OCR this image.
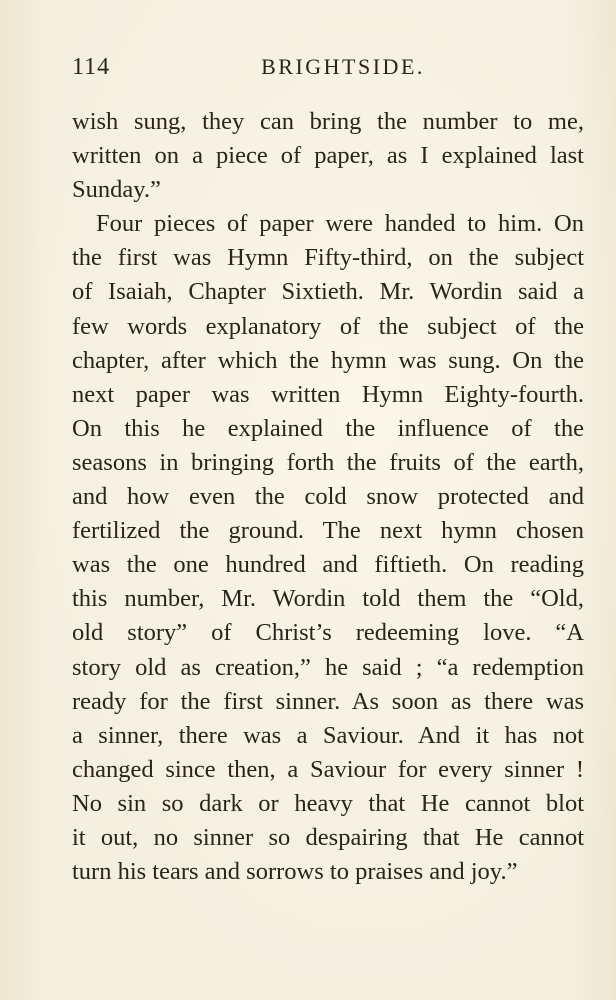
114	BRIGHTSIDE.
wish sung, they can bring the number to me,
written on a piece of paper, as I explained last
Sunday.”
Four pieces of paper were handed to him. On
the first was Hymn Fifty-third, on the subject
of Isaiah, Chapter Sixtieth. Mr. Wordin said a
few words explanatory of the subject of the
chapter, after which the hymn was sung. On the
next paper was written Hymn Eighty-fourth.
On this he explained the influence of the
seasons in bringing forth the fruits of the earth,
and how even the cold snow protected and
fertilized the ground. The next hymn chosen
was the one hundred and fiftieth. On reading
this number, Mr. Wordin told them the “Old,
old story” of Christ’s redeeming love. “A
story old as creation,” he said ; “a redemption
ready for the first sinner. As soon as there was
a sinner, there was a Saviour. And it has not
changed since then, a Saviour for every sinner !
No sin so dark or heavy that He cannot blot
it out, no sinner so despairing that He cannot
turn his tears and sorrows to praises and joy.”
